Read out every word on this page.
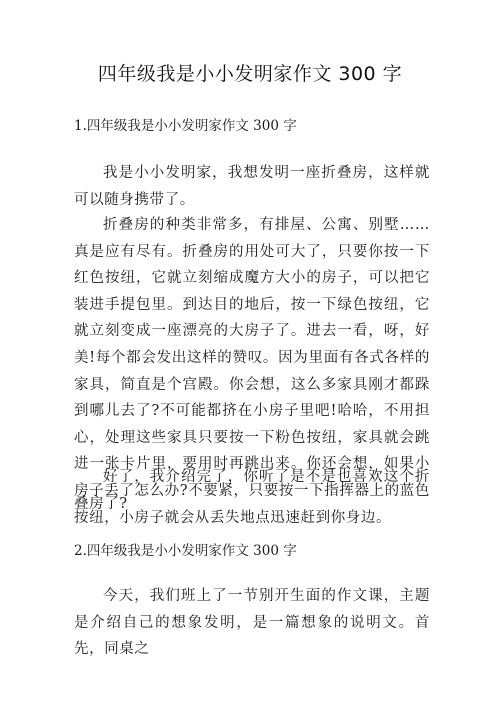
四年级我是小小发明家作文 300 字
1.四年级我是小小发明家作文 300 字

我是小小发明家，我想发明一座折叠房，这样就可以随身携带了。

折叠房的种类非常多，有排屋、公寓、别墅……真是应有尽有。折叠房的用处可大了，只要你按一下红色按纽，它就立刻缩成魔方大小的房子，可以把它装进手提包里。到达目的地后，按一下绿色按纽，它就立刻变成一座漂亮的大房子了。进去一看，呀，好美!每个都会发出这样的赞叹。因为里面有各式各样的家具，简直是个宫殿。你会想，这么多家具刚才都跺到哪儿去了?不可能都挤在小房子里吧!哈哈，不用担心，处理这些家具只要按一下粉色按纽，家具就会跳进一张卡片里，要用时再跳出来。你还会想，如果小房子丢了怎么办?不要紧，只要按一下指挥器上的蓝色按纽，小房子就会从丢失地点迅速赶到你身边。

好了，我介绍完了，你听了是不是也喜欢这个折叠房了?

2.四年级我是小小发明家作文 300 字

今天，我们班上了一节别开生面的作文课，主题是介绍自己的想象发明，是一篇想象的说明文。首先，同桌之
